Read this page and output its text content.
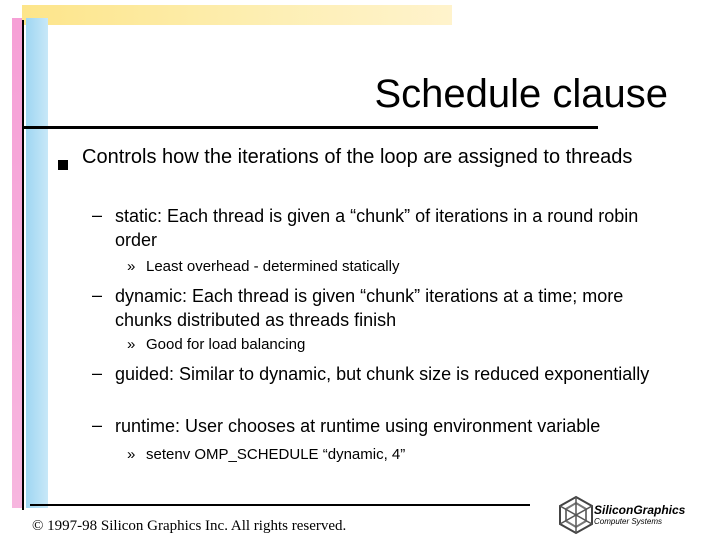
Schedule clause
Controls how the iterations of the loop are assigned to threads
– static: Each thread is given a “chunk” of iterations in a round robin order
» Least overhead - determined statically
– dynamic: Each thread is given “chunk” iterations at a time; more chunks distributed as threads finish
» Good for load balancing
– guided: Similar to dynamic, but chunk size is reduced exponentially
– runtime: User chooses at runtime using environment variable
» setenv OMP_SCHEDULE “dynamic, 4”
© 1997-98 Silicon Graphics Inc. All rights reserved.
SiliconGraphics
Computer Systems
